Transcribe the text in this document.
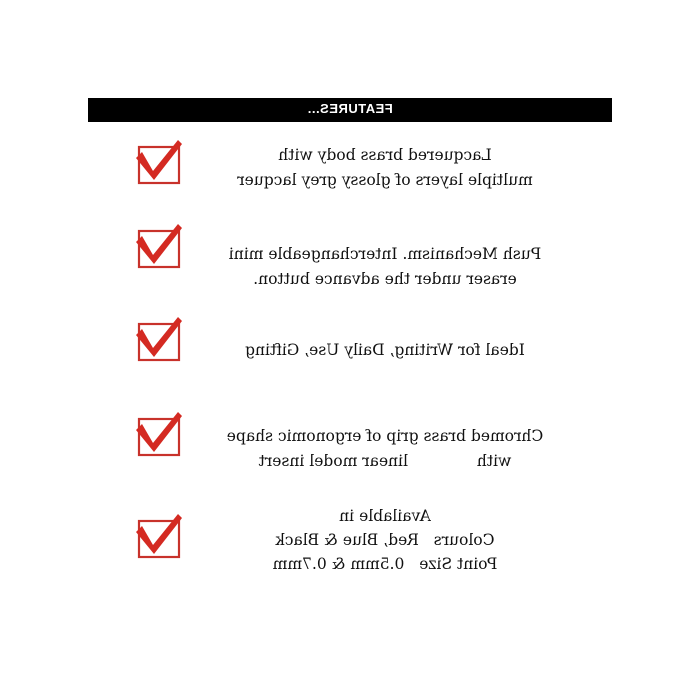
FEATURES...
Lacquered brass body with
multiple layers of glossy grey lacquer
Push Mechanism. Interchangeable mini
eraser under the advance button.
Ideal for Writing, Daily Use, Gifting
Chromed brass grip of ergonomic shape
with              linear model insert
Available in
Colours   Red, Blue & Black
Point Size   0.5mm & 0.7mm
